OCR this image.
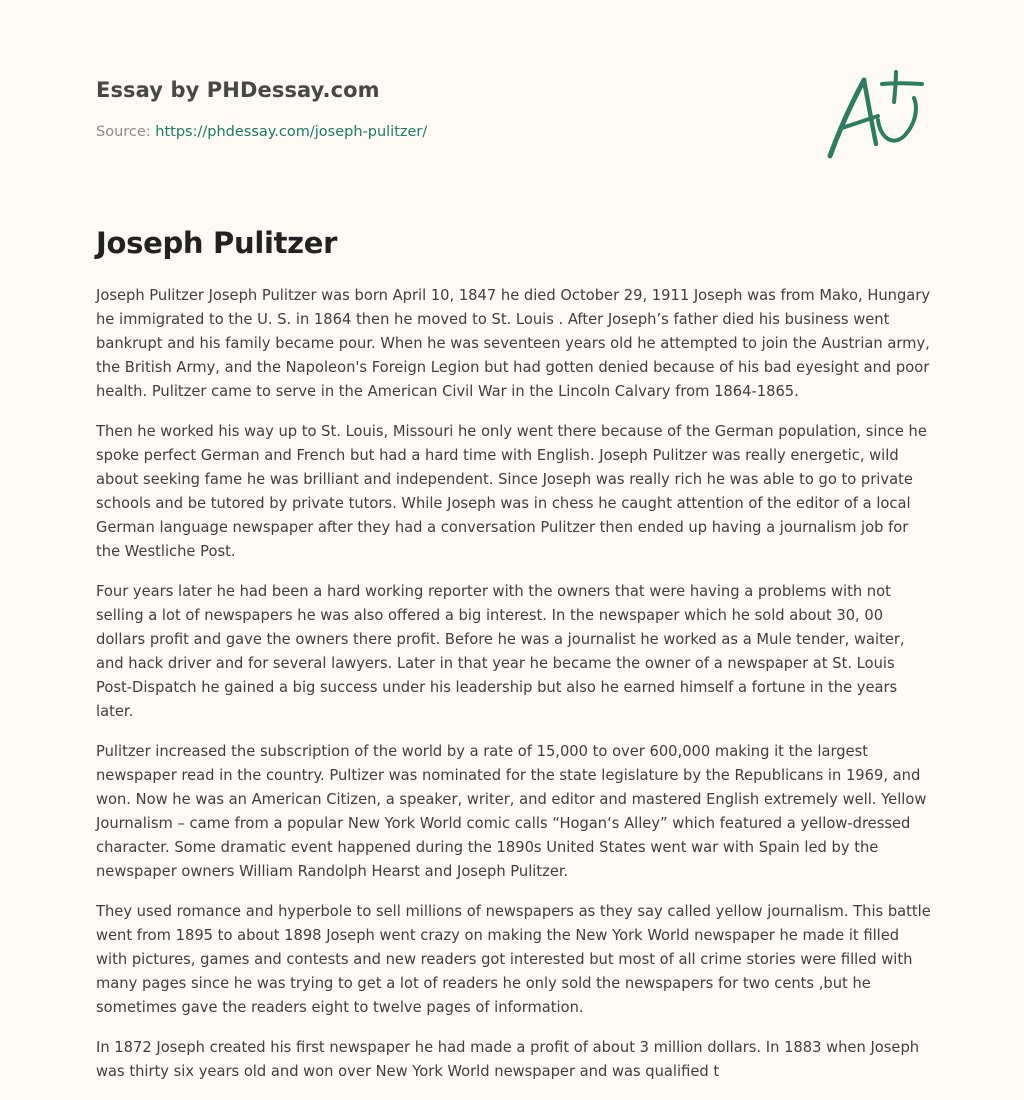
Essay by PHDessay.com
Source: https://phdessay.com/joseph-pulitzer/
Joseph Pulitzer

Joseph Pulitzer Joseph Pulitzer was born April 10, 1847 he died October 29, 1911 Joseph was from Mako, Hungary he immigrated to the U. S. in 1864 then he moved to St. Louis . After Joseph’s father died his business went bankrupt and his family became pour. When he was seventeen years old he attempted to join the Austrian army, the British Army, and the Napoleon's Foreign Legion but had gotten denied because of his bad eyesight and poor health. Pulitzer came to serve in the American Civil War in the Lincoln Calvary from 1864-1865.

Then he worked his way up to St. Louis, Missouri he only went there because of the German population, since he spoke perfect German and French but had a hard time with English. Joseph Pulitzer was really energetic, wild about seeking fame he was brilliant and independent. Since Joseph was really rich he was able to go to private schools and be tutored by private tutors. While Joseph was in chess he caught attention of the editor of a local German language newspaper after they had a conversation Pulitzer then ended up having a journalism job for the Westliche Post.

Four years later he had been a hard working reporter with the owners that were having a problems with not selling a lot of newspapers he was also offered a big interest. In the newspaper which he sold about 30, 00 dollars profit and gave the owners there profit. Before he was a journalist he worked as a Mule tender, waiter, and hack driver and for several lawyers. Later in that year he became the owner of a newspaper at St. Louis Post-Dispatch he gained a big success under his leadership but also he earned himself a fortune in the years later.

Pulitzer increased the subscription of the world by a rate of 15,000 to over 600,000 making it the largest newspaper read in the country. Pultizer was nominated for the state legislature by the Republicans in 1969, and won. Now he was an American Citizen, a speaker, writer, and editor and mastered English extremely well. Yellow Journalism – came from a popular New York World comic calls “Hogan‘s Alley” which featured a yellow-dressed character. Some dramatic event happened during the 1890s United States went war with Spain led by the newspaper owners William Randolph Hearst and Joseph Pulitzer.

They used romance and hyperbole to sell millions of newspapers as they say called yellow journalism. This battle went from 1895 to about 1898 Joseph went crazy on making the New York World newspaper he made it filled with pictures, games and contests and new readers got interested but most of all crime stories were filled with many pages since he was trying to get a lot of readers he only sold the newspapers for two cents ,but he sometimes gave the readers eight to twelve pages of information.

In 1872 Joseph created his first newspaper he had made a profit of about 3 million dollars. In 1883 when Joseph was thirty six years old and won over New York World newspaper and was qualified t
